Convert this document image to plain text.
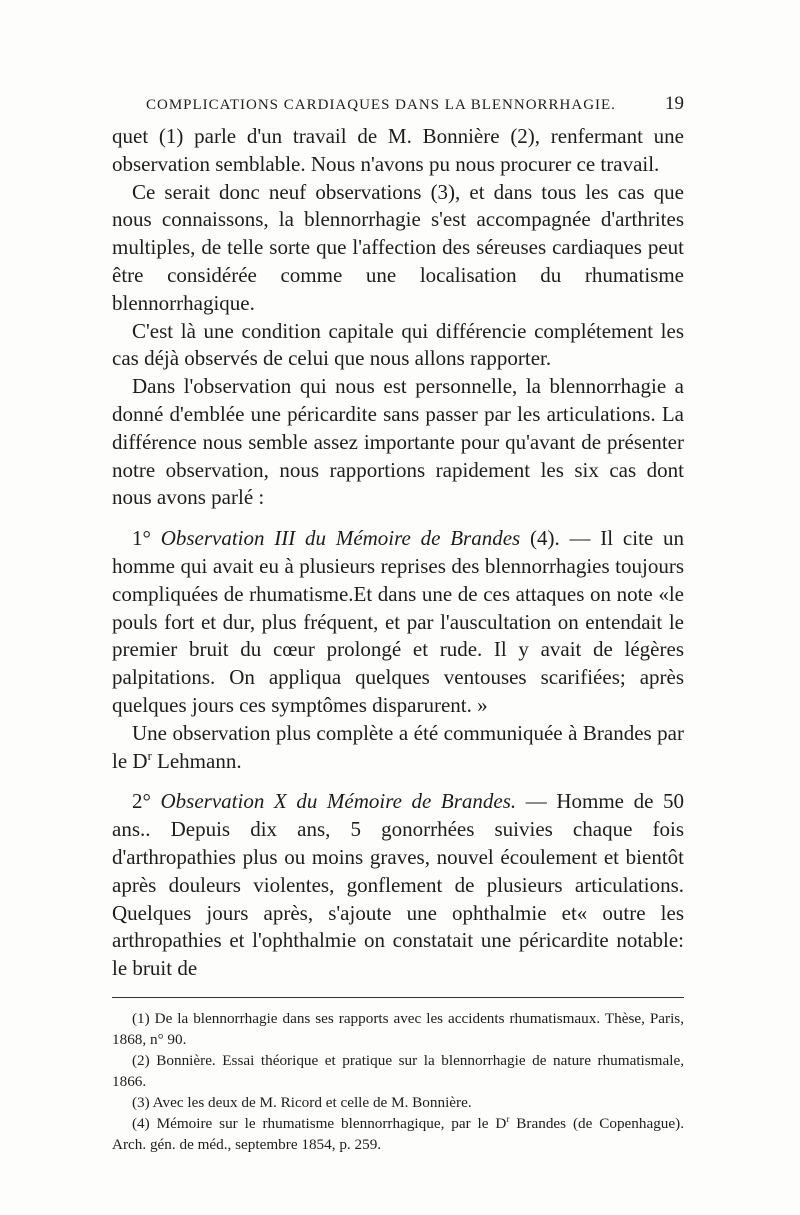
COMPLICATIONS CARDIAQUES DANS LA BLENNORRHAGIE.	19

quet (1) parle d'un travail de M. Bonnière (2), renfermant une observation semblable. Nous n'avons pu nous procurer ce travail.

Ce serait donc neuf observations (3), et dans tous les cas que nous connaissons, la blennorrhagie s'est accompagnée d'arthrites multiples, de telle sorte que l'affection des séreuses cardiaques peut être considérée comme une localisation du rhumatisme blennorrhagique.

C'est là une condition capitale qui différencie complétement les cas déjà observés de celui que nous allons rapporter.

Dans l'observation qui nous est personnelle, la blennorrhagie a donné d'emblée une péricardite sans passer par les articulations. La différence nous semble assez importante pour qu'avant de présenter notre observation, nous rapportions rapidement les six cas dont nous avons parlé :

1° Observation III du Mémoire de Brandes (4). — Il cite un homme qui avait eu à plusieurs reprises des blennorrhagies toujours compliquées de rhumatisme.Et dans une de ces attaques on note «le pouls fort et dur, plus fréquent, et par l'auscultation on entendait le premier bruit du cœur prolongé et rude. Il y avait de légères palpitations. On appliqua quelques ventouses scarifiées; après quelques jours ces symptômes disparurent. »

Une observation plus complète a été communiquée à Brandes par le $D^r$ Lehmann.

2° Observation X du Mémoire de Brandes. — Homme de 50 ans.. Depuis dix ans, 5 gonorrhées suivies chaque fois d'arthropathies plus ou moins graves, nouvel écoulement et bientôt après douleurs violentes, gonflement de plusieurs articulations. Quelques jours après, s'ajoute une ophthalmie et« outre les arthropathies et l'ophthalmie on constatait une péricardite notable: le bruit de

(1) De la blennorrhagie dans ses rapports avec les accidents rhumatismaux. Thèse, Paris, 1868, n° 90.

(2) Bonnière. Essai théorique et pratique sur la blennorrhagie de nature rhumatismale, 1866.

(3) Avec les deux de M. Ricord et celle de M. Bonnière.

(4) Mémoire sur le rhumatisme blennorrhagique, par le $D^r$ Brandes (de Copenhague). Arch. gén. de méd., septembre 1854, p. 259.
